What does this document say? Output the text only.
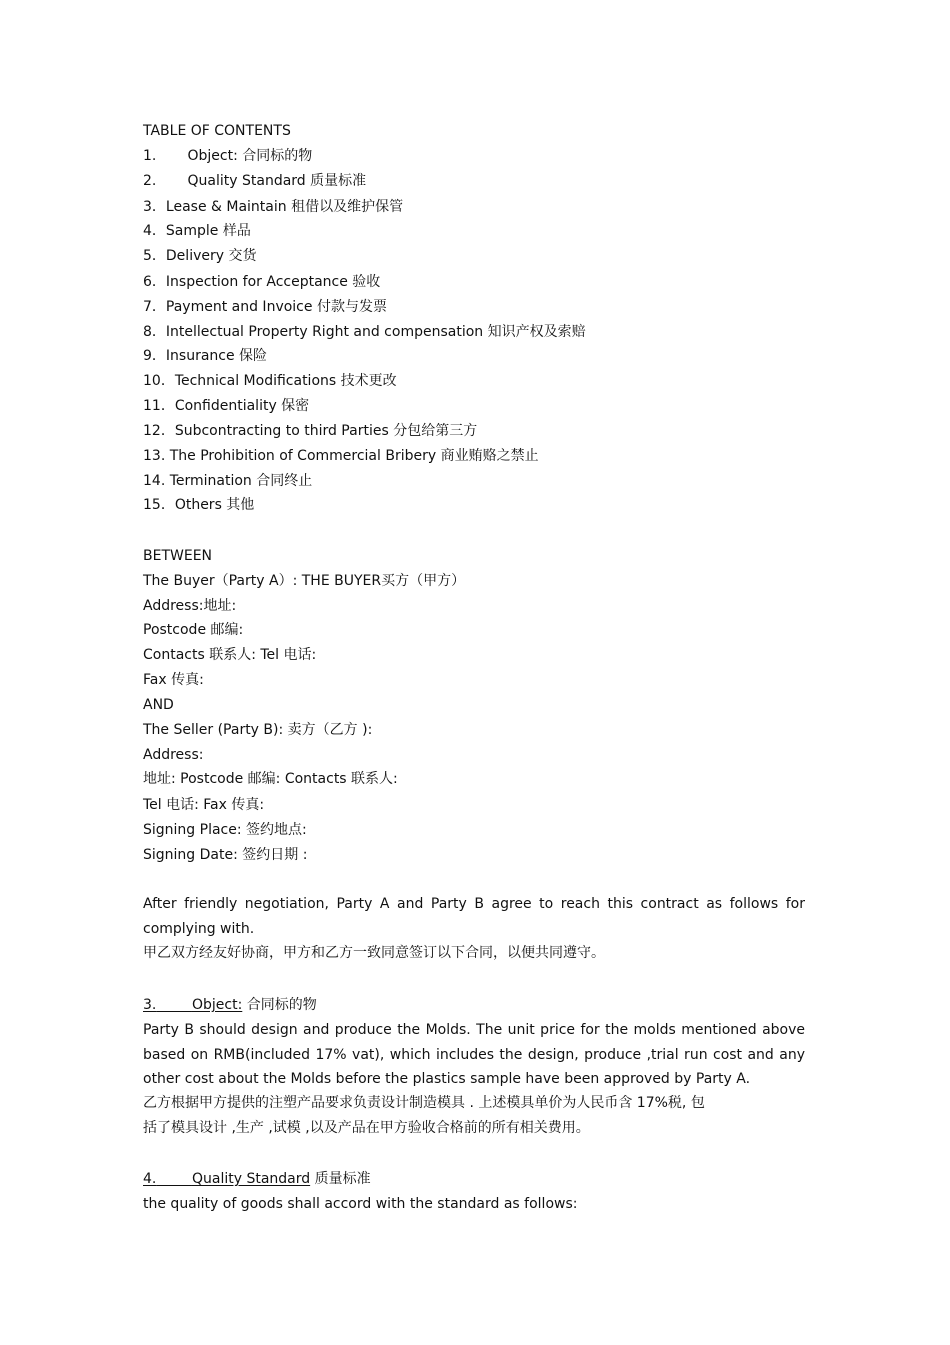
TABLE OF CONTENTS
1.       Object: 合同标的物
2.       Quality Standard 质量标准
3．Lease & Maintain 租借以及维护保管
4．Sample 样品
5．Delivery 交货
6．Inspection for Acceptance 验收
7．Payment and Invoice 付款与发票
8．Intellectual Property Right and compensation 知识产权及索赔
9．Insurance 保险
10．Technical Modifications 技术更改
11．Confidentiality 保密
12．Subcontracting to third Parties 分包给第三方
13. The Prohibition of Commercial Bribery 商业贿赂之禁止
14. Termination 合同终止
15．Others 其他
BETWEEN
The Buyer（Party A）: THE BUYER买方（甲方）
Address:地址:
Postcode 邮编:
Contacts 联系人: Tel 电话:
Fax 传真:
AND
The Seller (Party B): 卖方（乙方 ):
Address:
地址: Postcode 邮编: Contacts 联系人:
Tel 电话: Fax 传真:
Signing Place: 签约地点:
Signing Date: 签约日期 :
After friendly negotiation, Party A and Party B agree to reach this contract as follows for
complying with.
甲乙双方经友好协商，甲方和乙方一致同意签订以下合同，以便共同遵守。
3.	Object: 合同标的物
Party B should design and produce the Molds. The unit price for the molds mentioned above
based on RMB(included 17% vat), which includes the design, produce ,trial run cost and any
other cost about the Molds before the plastics sample have been approved by Party A.
乙方根据甲方提供的注塑产品要求负责设计制造模具 . 上述模具单价为人民币含 17%税, 包
括了模具设计 ,生产 ,试模 ,以及产品在甲方验收合格前的所有相关费用。
4.	Quality Standard 质量标准
the quality of goods shall accord with the standard as follows:
